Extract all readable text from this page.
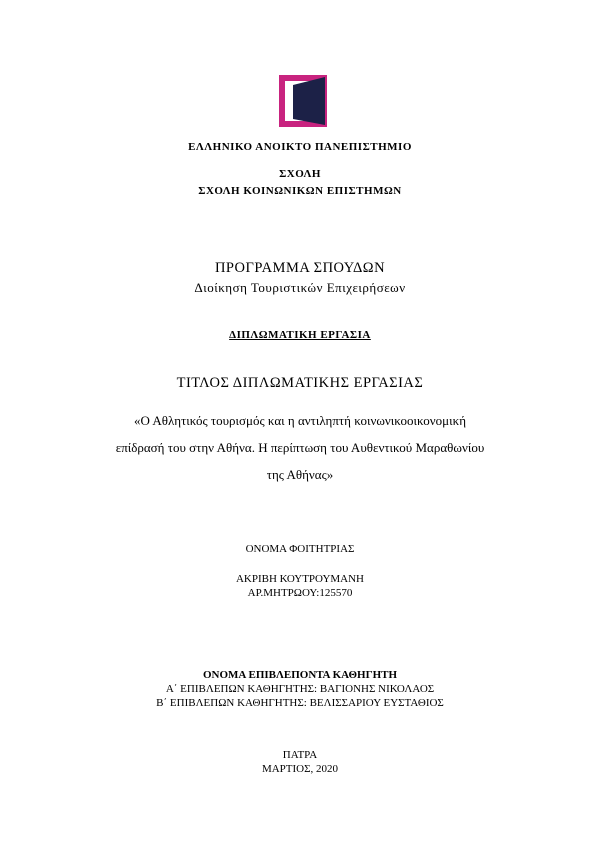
ΕΛΛΗΝΙΚΟ ΑΝΟΙΚΤΟ ΠΑΝΕΠΙΣΤΗΜΙΟ
ΣΧΟΛΗ
ΣΧΟΛΗ ΚΟΙΝΩΝΙΚΩΝ ΕΠΙΣΤΗΜΩΝ
ΠΡΟΓΡΑΜΜΑ ΣΠΟΥΔΩΝ
Διοίκηση Τουριστικών Επιχειρήσεων
ΔΙΠΛΩΜΑΤΙΚΗ ΕΡΓΑΣΙΑ
ΤΙΤΛΟΣ ΔΙΠΛΩΜΑΤΙΚΗΣ ΕΡΓΑΣΙΑΣ
«Ο Αθλητικός τουρισμός και η αντιληπτή κοινωνικοοικονομική
επίδρασή του στην Αθήνα. Η περίπτωση του Αυθεντικού Μαραθωνίου
της Αθήνας»
ΟΝΟΜΑ ΦΟΙΤΗΤΡΙΑΣ
ΑΚΡΙΒΗ ΚΟΥΤΡΟΥΜΑΝΗ
ΑΡ.ΜΗΤΡΩΟΥ:125570
ΟΝΟΜΑ ΕΠΙΒΛΕΠΟΝΤΑ ΚΑΘΗΓΗΤΗ
Α΄ ΕΠΙΒΛΕΠΩΝ ΚΑΘΗΓΗΤΗΣ: ΒΑΓΙΟΝΗΣ ΝΙΚΟΛΑΟΣ
Β΄ ΕΠΙΒΛΕΠΩΝ ΚΑΘΗΓΗΤΗΣ: ΒΕΛΙΣΣΑΡΙΟΥ ΕΥΣΤΑΘΙΟΣ
ΠΑΤΡΑ
ΜΑΡΤΙΟΣ, 2020
